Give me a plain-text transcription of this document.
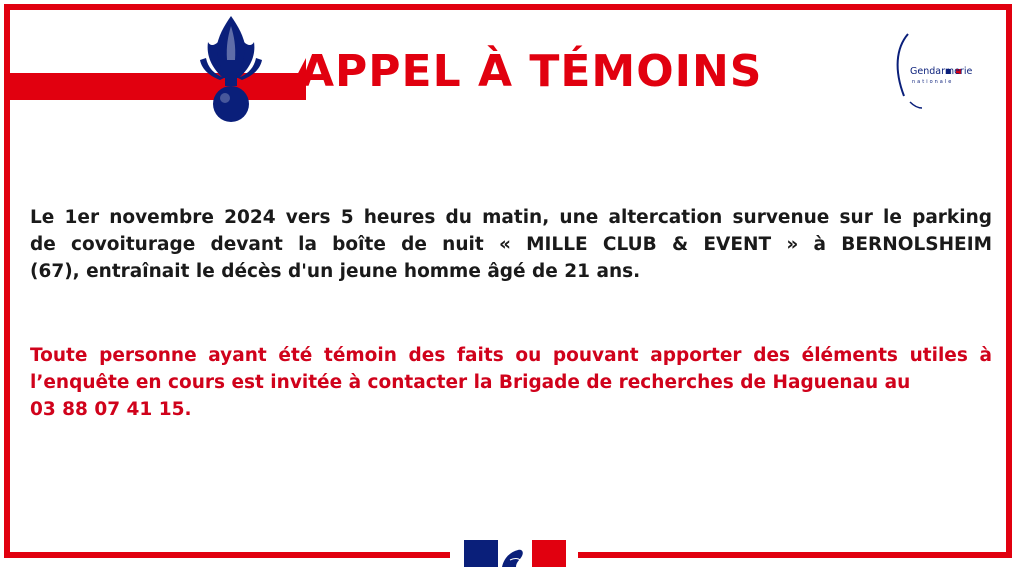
APPEL À TÉMOINS	Gendarmerie
nationale
Le 1er novembre 2024 vers 5 heures du matin, une altercation survenue sur le parking
de covoiturage devant la boîte de nuit « MILLE CLUB & EVENT » à BERNOLSHEIM
(67), entraînait le décès d'un jeune homme âgé de 21 ans.
Toute personne ayant été témoin des faits ou pouvant apporter des éléments utiles à
l’enquête en cours est invitée à contacter la Brigade de recherches de Haguenau au
03 88 07 41 15.
